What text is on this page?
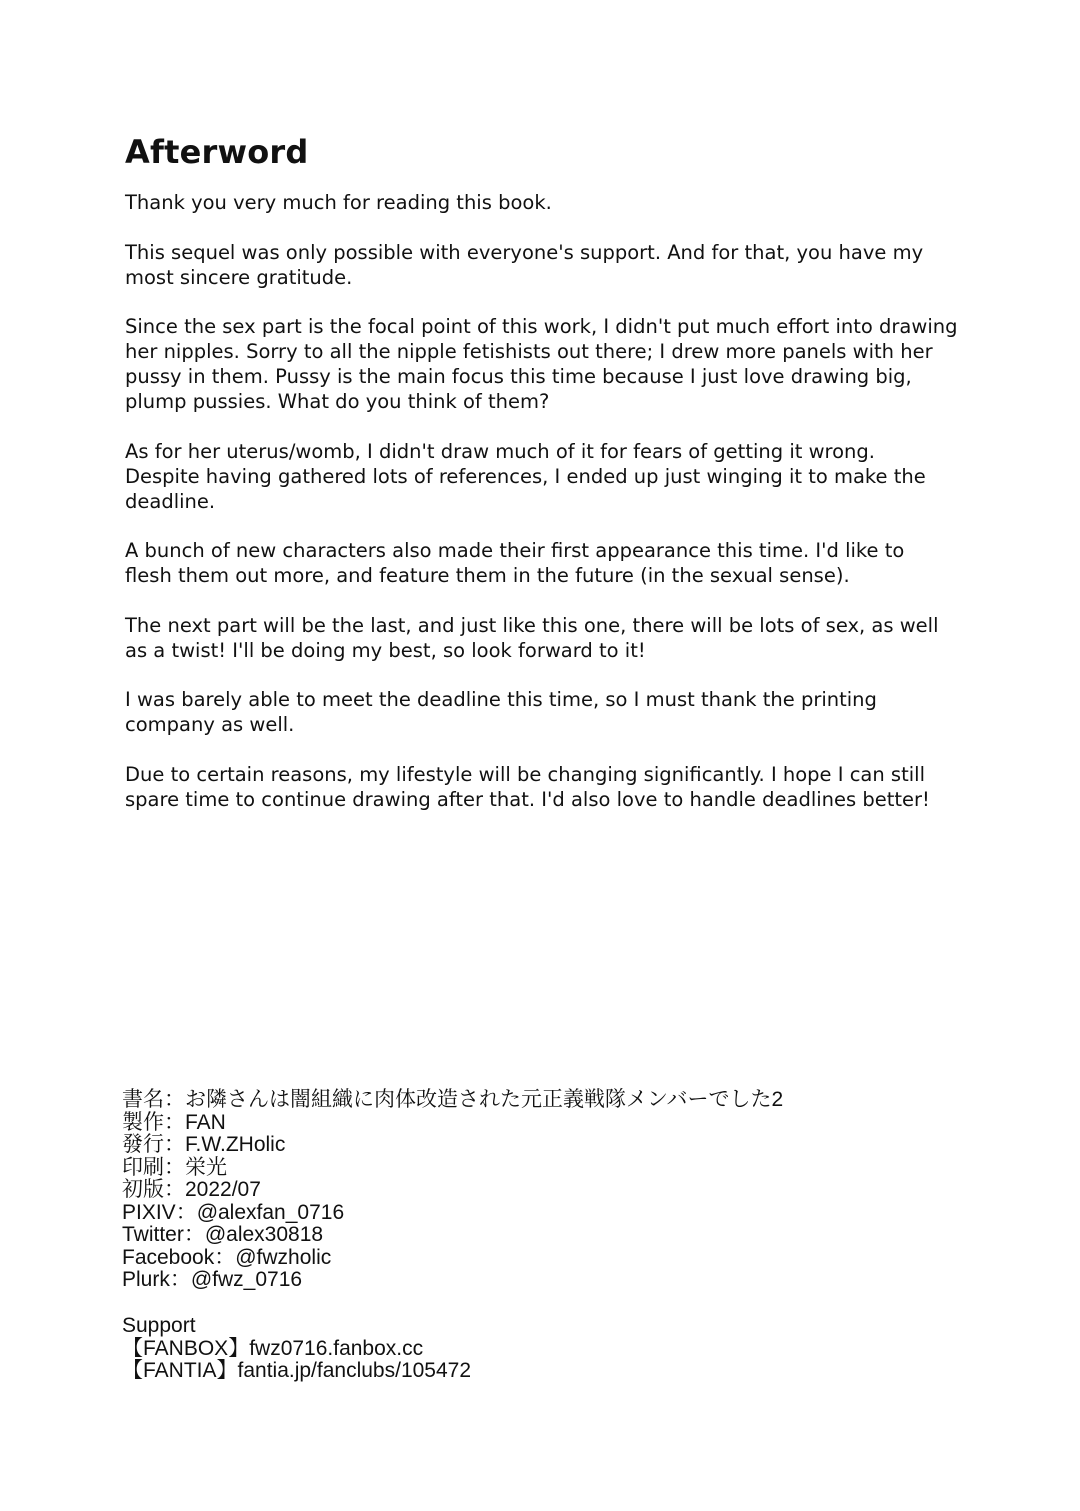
Afterword

Thank you very much for reading this book.

This sequel was only possible with everyone's support. And for that, you have my
most sincere gratitude.

Since the sex part is the focal point of this work, I didn't put much effort into drawing
her nipples. Sorry to all the nipple fetishists out there; I drew more panels with her
pussy in them. Pussy is the main focus this time because I just love drawing big,
plump pussies. What do you think of them?

As for her uterus/womb, I didn't draw much of it for fears of getting it wrong.
Despite having gathered lots of references, I ended up just winging it to make the
deadline.

A bunch of new characters also made their first appearance this time. I'd like to
flesh them out more, and feature them in the future (in the sexual sense).

The next part will be the last, and just like this one, there will be lots of sex, as well
as a twist! I'll be doing my best, so look forward to it!

I was barely able to meet the deadline this time, so I must thank the printing
company as well.

Due to certain reasons, my lifestyle will be changing significantly. I hope I can still
spare time to continue drawing after that. I'd also love to handle deadlines better!

書名：お隣さんは闇組織に肉体改造された元正義戦隊メンバーでした2
製作：FAN
發行：F.W.ZHolic
印刷：栄光
初版：2022/07
PIXIV：@alexfan_0716
Twitter：@alex30818
Facebook：@fwzholic
Plurk：@fwz_0716
Support
【FANBOX】fwz0716.fanbox.cc
【FANTIA】fantia.jp/fanclubs/105472
